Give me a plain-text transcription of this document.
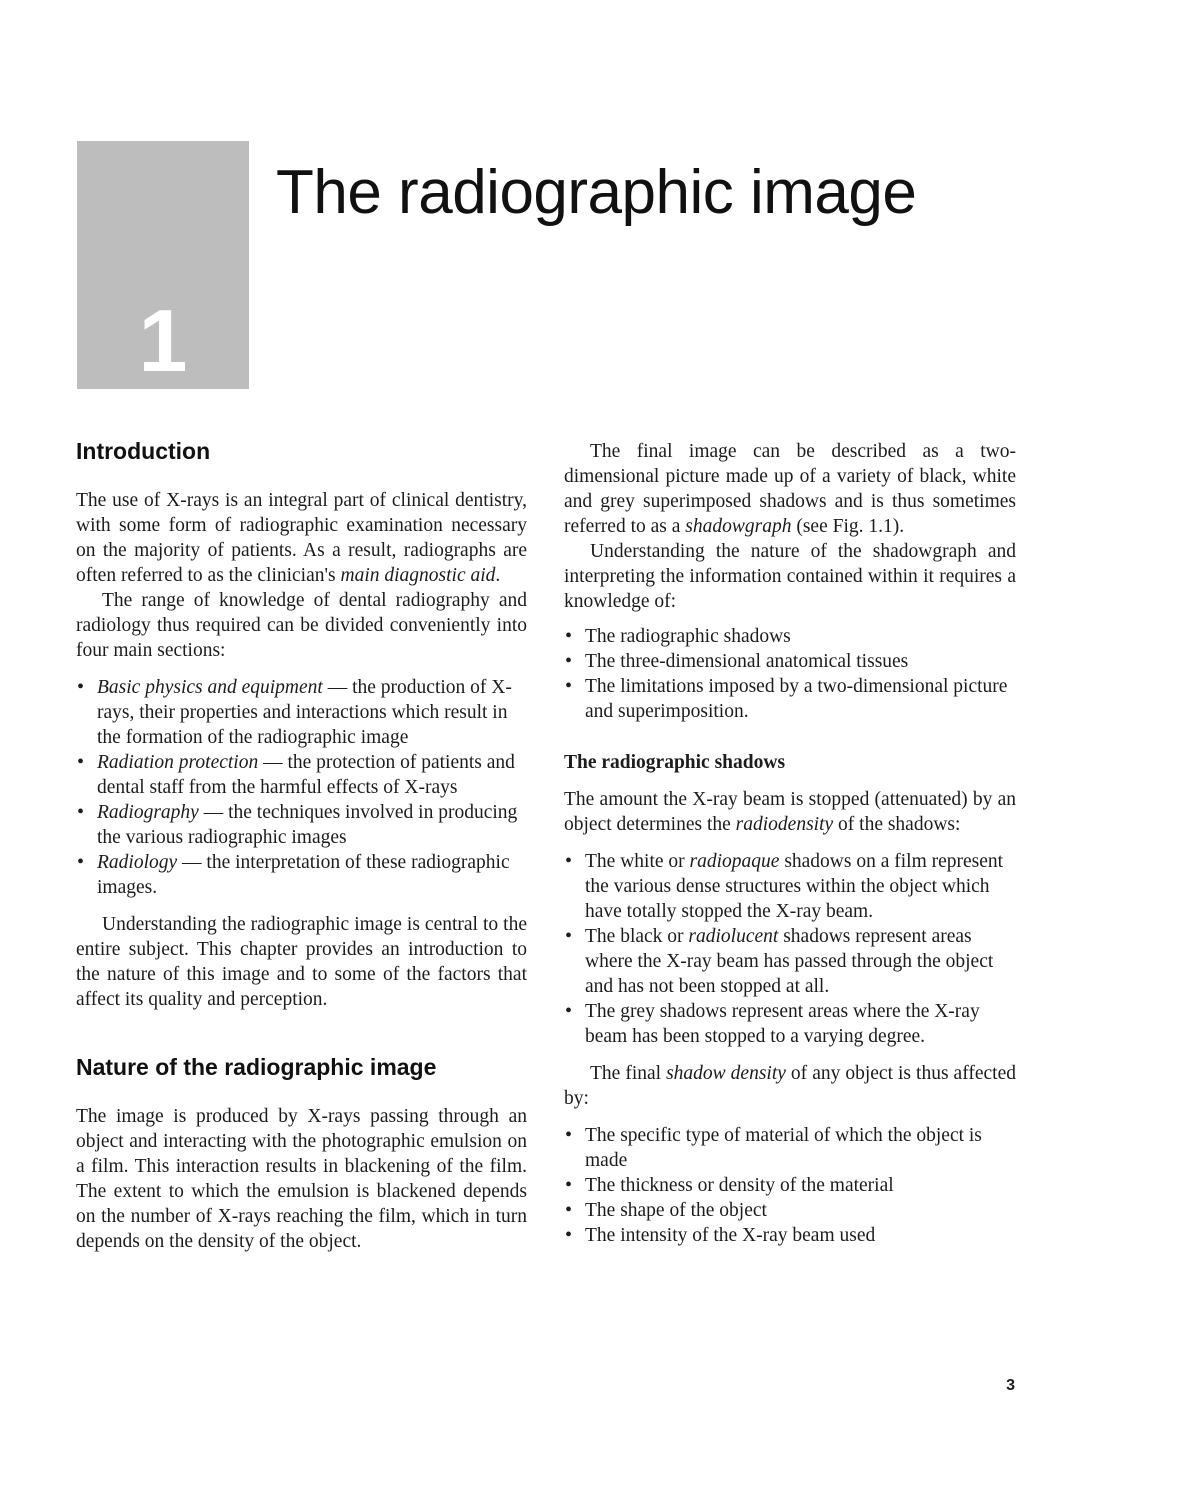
1
The radiographic image
Introduction

The use of X-rays is an integral part of clinical dentistry, with some form of radiographic examination necessary on the majority of patients. As a result, radiographs are often referred to as the clinician's main diagnostic aid.

The range of knowledge of dental radiography and radiology thus required can be divided conveniently into four main sections:

• Basic physics and equipment — the production of X-rays, their properties and interactions which result in the formation of the radiographic image
• Radiation protection — the protection of patients and dental staff from the harmful effects of X-rays
• Radiography — the techniques involved in producing the various radiographic images
• Radiology — the interpretation of these radiographic images.

Understanding the radiographic image is central to the entire subject. This chapter provides an introduction to the nature of this image and to some of the factors that affect its quality and perception.

Nature of the radiographic image

The image is produced by X-rays passing through an object and interacting with the photographic emulsion on a film. This interaction results in blackening of the film. The extent to which the emulsion is blackened depends on the number of X-rays reaching the film, which in turn depends on the density of the object.

The final image can be described as a two-dimensional picture made up of a variety of black, white and grey superimposed shadows and is thus sometimes referred to as a shadowgraph (see Fig. 1.1).

Understanding the nature of the shadowgraph and interpreting the information contained within it requires a knowledge of:

• The radiographic shadows
• The three-dimensional anatomical tissues
• The limitations imposed by a two-dimensional picture and superimposition.
The radiographic shadows

The amount the X-ray beam is stopped (attenuated) by an object determines the radiodensity of the shadows:

• The white or radiopaque shadows on a film represent the various dense structures within the object which have totally stopped the X-ray beam.
• The black or radiolucent shadows represent areas where the X-ray beam has passed through the object and has not been stopped at all.
• The grey shadows represent areas where the X-ray beam has been stopped to a varying degree.

The final shadow density of any object is thus affected by:

• The specific type of material of which the object is made
• The thickness or density of the material
• The shape of the object
• The intensity of the X-ray beam used
3
